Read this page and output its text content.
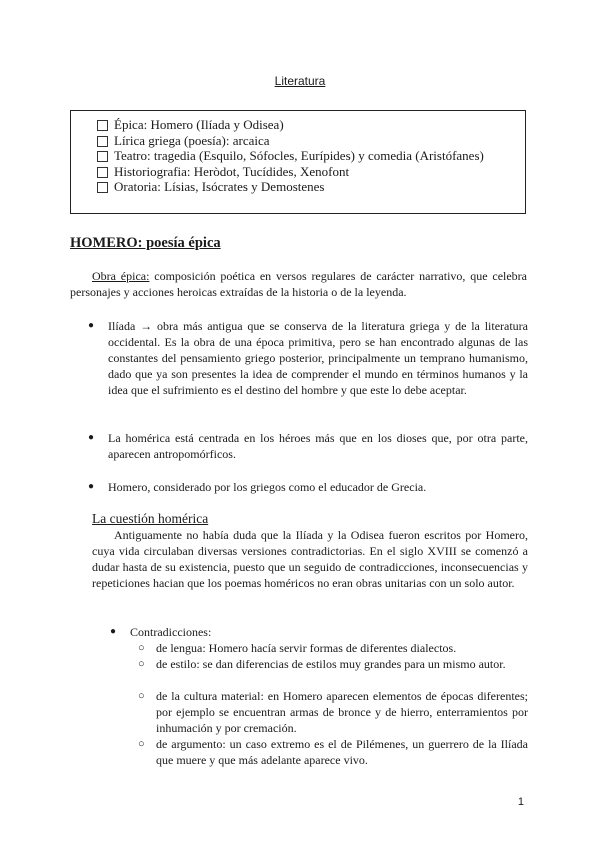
Literatura
Épica: Homero (Ilíada y Odisea)
Lírica griega (poesía): arcaica
Teatro: tragedia (Esquilo, Sófocles, Eurípides) y comedia (Aristófanes)
Historiografia: Heròdot, Tucídides, Xenofont
Oratoria: Lísias, Isócrates y Demostenes
HOMERO: poesía épica
Obra épica: composición poética en versos regulares de carácter narrativo, que celebra personajes y acciones heroicas extraídas de la historia o de la leyenda.
●	Ilíada → obra más antigua que se conserva de la literatura griega y de la literatura occidental. Es la obra de una época primitiva, pero se han encontrado algunas de las constantes del pensamiento griego posterior, principalmente un temprano humanismo, dado que ya son presentes la idea de comprender el mundo en términos humanos y la idea que el sufrimiento es el destino del hombre y que este lo debe aceptar.
●	La homérica está centrada en los héroes más que en los dioses que, por otra parte, aparecen antropomórficos.
●	Homero, considerado por los griegos como el educador de Grecia.
La cuestión homérica
Antiguamente no había duda que la Ilíada y la Odisea fueron escritos por Homero, cuya vida circulaban diversas versiones contradictorias. En el siglo XVIII se comenzó a dudar hasta de su existencia, puesto que un seguido de contradicciones, inconsecuencias y repeticiones hacian que los poemas homéricos no eran obras unitarias con un solo autor.
●	Contradicciones:
○ de lengua: Homero hacía servir formas de diferentes dialectos.
○ de estilo: se dan diferencias de estilos muy grandes para un mismo autor.
○ de la cultura material: en Homero aparecen elementos de épocas diferentes; por ejemplo se encuentran armas de bronce y de hierro, enterramientos por inhumación y por cremación.
○ de argumento: un caso extremo es el de Pilémenes, un guerrero de la Ilíada que muere y que más adelante aparece vivo.
1
